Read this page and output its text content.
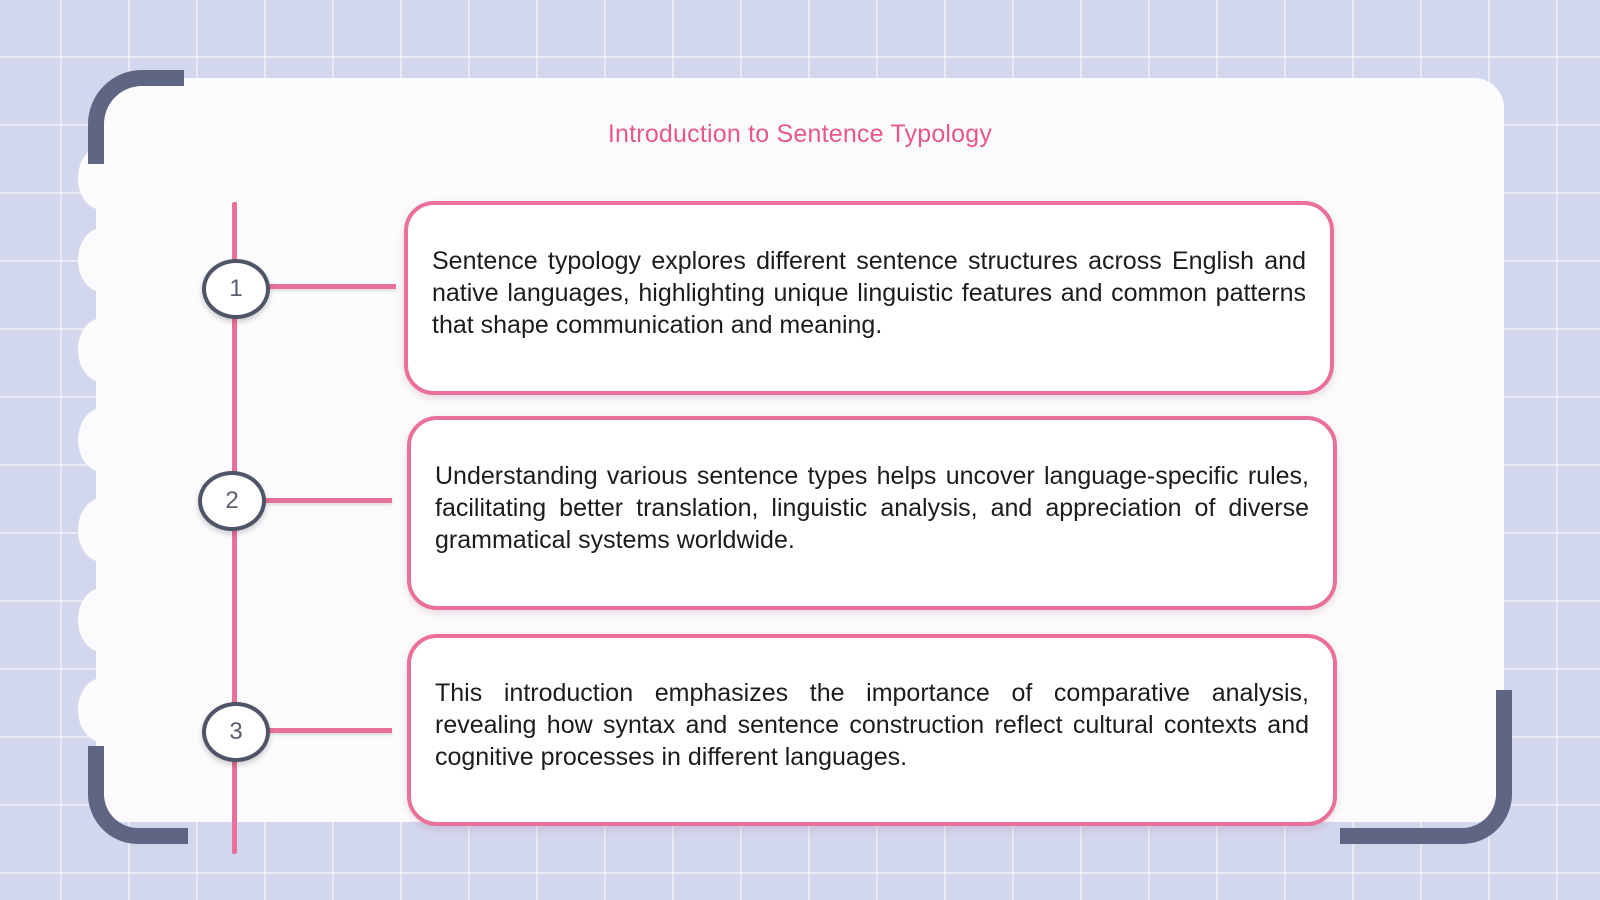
Introduction to Sentence Typology
1
Sentence typology explores different sentence structures across English and native languages, highlighting unique linguistic features and common patterns that shape communication and meaning.
2
Understanding various sentence types helps uncover language-specific rules, facilitating better translation, linguistic analysis, and appreciation of diverse grammatical systems worldwide.
3
This introduction emphasizes the importance of comparative analysis, revealing how syntax and sentence construction reflect cultural contexts and cognitive processes in different languages.
